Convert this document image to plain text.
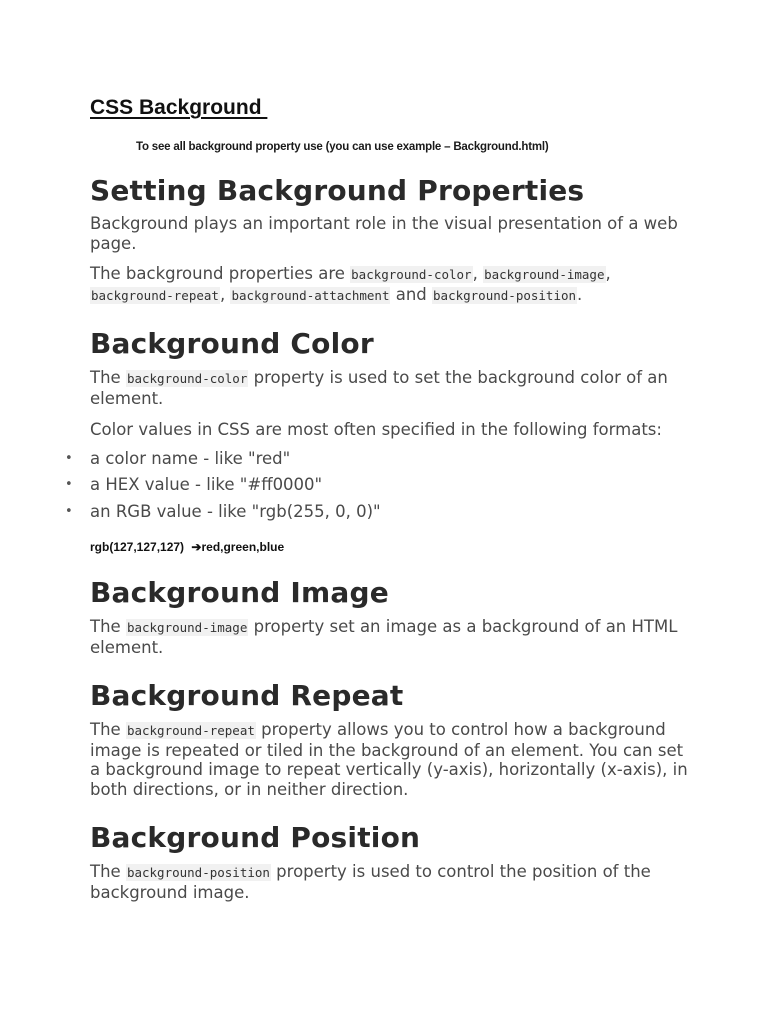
CSS Background

To see all background property use (you can use example – Background.html)

Setting Background Properties

Background plays an important role in the visual presentation of a web page.

The background properties are background-color, background-image, background-repeat, background-attachment and background-position.

Background Color

The background-color property is used to set the background color of an element.

Color values in CSS are most often specified in the following formats:

• a color name - like "red"
• a HEX value - like "#ff0000"
• an RGB value - like "rgb(255, 0, 0)"

rgb(127,127,127) ➔red,green,blue

Background Image

The background-image property set an image as a background of an HTML element.

Background Repeat

The background-repeat property allows you to control how a background image is repeated or tiled in the background of an element. You can set a background image to repeat vertically (y-axis), horizontally (x-axis), in both directions, or in neither direction.

Background Position

The background-position property is used to control the position of the background image.
